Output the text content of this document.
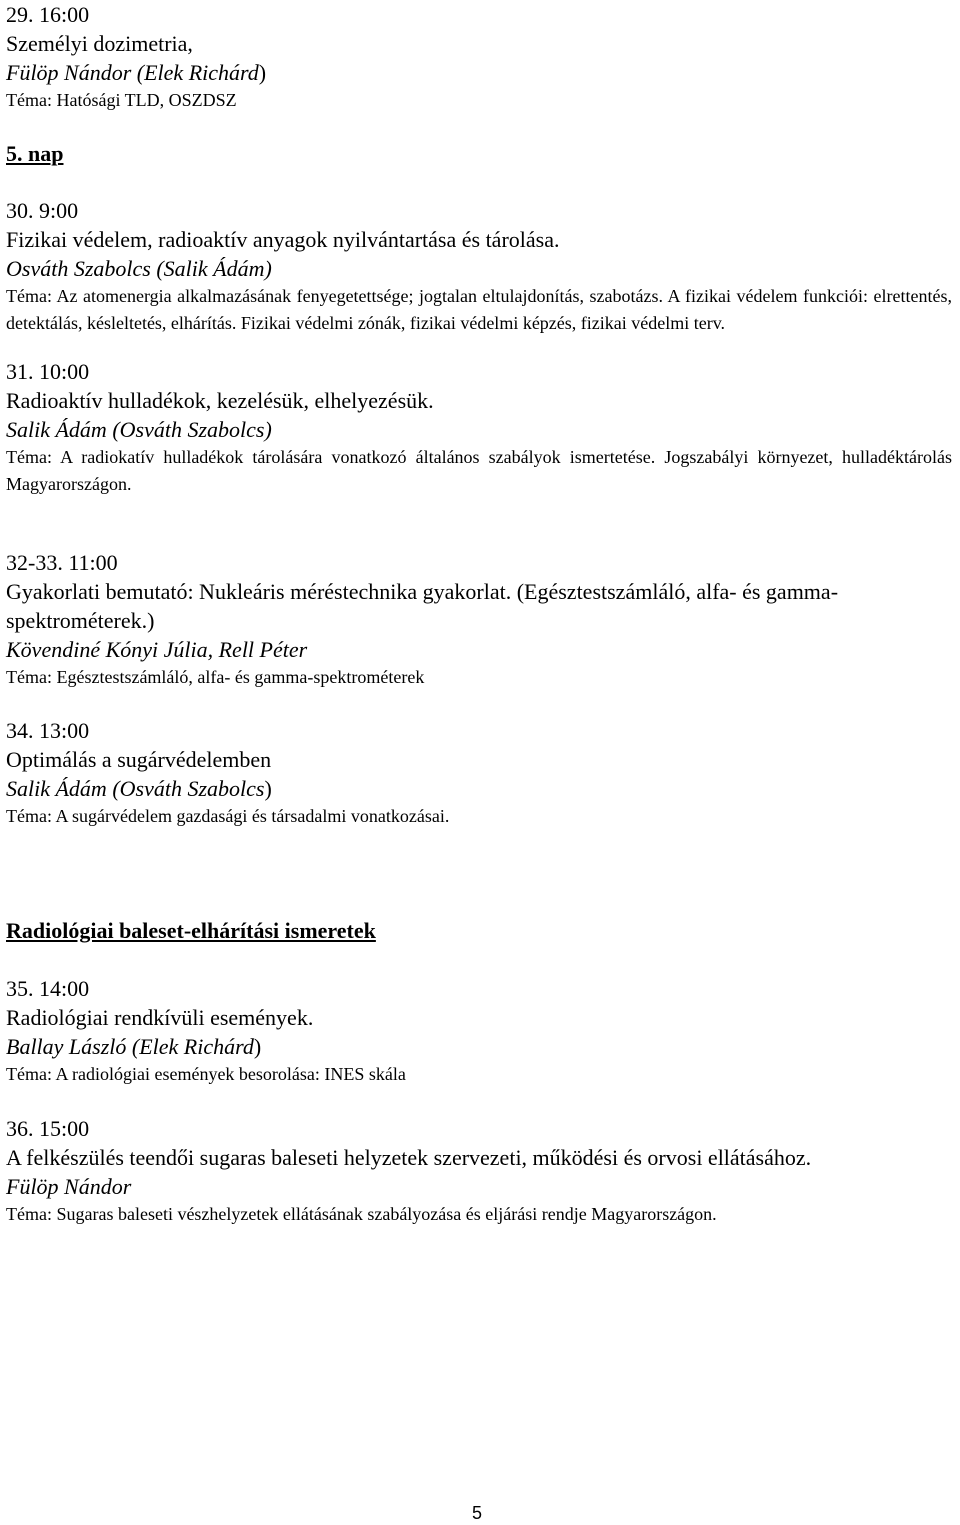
29. 16:00
Személyi dozimetria,
Fülöp Nándor (Elek Richárd)
Téma: Hatósági TLD, OSZDSZ
5. nap
30. 9:00
Fizikai védelem, radioaktív anyagok nyilvántartása és tárolása.
Osváth Szabolcs (Salik Ádám)
Téma: Az atomenergia alkalmazásának fenyegetettsége; jogtalan eltulajdonítás, szabotázs. A fizikai védelem funkciói: elrettentés, detektálás, késleltetés, elhárítás. Fizikai védelmi zónák, fizikai védelmi képzés, fizikai védelmi terv.
31. 10:00
Radioaktív hulladékok, kezelésük, elhelyezésük.
Salik Ádám (Osváth Szabolcs)
Téma: A radiokatív hulladékok tárolására vonatkozó általános szabályok ismertetése. Jogszabályi környezet, hulladéktárolás Magyarországon.
32-33. 11:00
Gyakorlati bemutató: Nukleáris méréstechnika gyakorlat. (Egésztestszámláló, alfa- és gamma-spektrométerek.)
Kövendiné Kónyi Júlia, Rell Péter
Téma: Egésztestszámláló, alfa- és gamma-spektrométerek
34. 13:00
Optimálás a sugárvédelemben
Salik Ádám (Osváth Szabolcs)
Téma: A sugárvédelem gazdasági és társadalmi vonatkozásai.
Radiológiai baleset-elhárítási ismeretek
35. 14:00
Radiológiai rendkívüli események.
Ballay László (Elek Richárd)
Téma: A radiológiai események besorolása: INES skála
36. 15:00
A felkészülés teendői sugaras baleseti helyzetek szervezeti, működési és orvosi ellátásához.
Fülöp Nándor
Téma: Sugaras baleseti vészhelyzetek ellátásának szabályozása és eljárási rendje Magyarországon.
5
